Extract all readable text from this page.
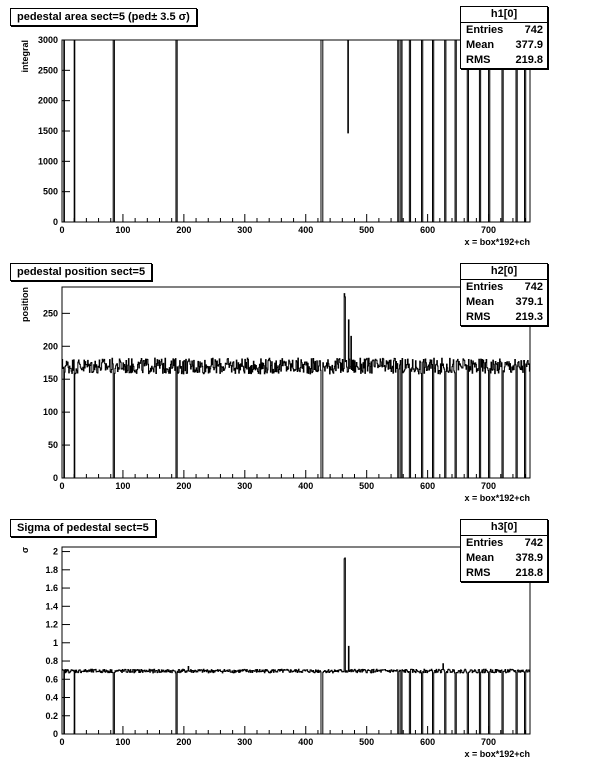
0
500
1000
1500
2000
2500
3000
0	100	200	300	400	500	600	700
x = box*192+ch
integral
pedestal area sect=5 (ped± 3.5 σ)	h1[0]
Entries 742
Mean 377.9
RMS 219.8
0
50
100
150
200
250
0	100	200	300	400	500	600	700
x = box*192+ch
position
pedestal position sect=5	h2[0]
Entries 742
Mean 379.1
RMS 219.3
0
0.2
0.4
0.6
0.8
1
1.2
1.4
1.6
1.8
2
0	100	200	300	400	500	600	700
x = box*192+ch
σ
Sigma of pedestal sect=5	h3[0]
Entries 742
Mean 378.9
RMS 218.8
